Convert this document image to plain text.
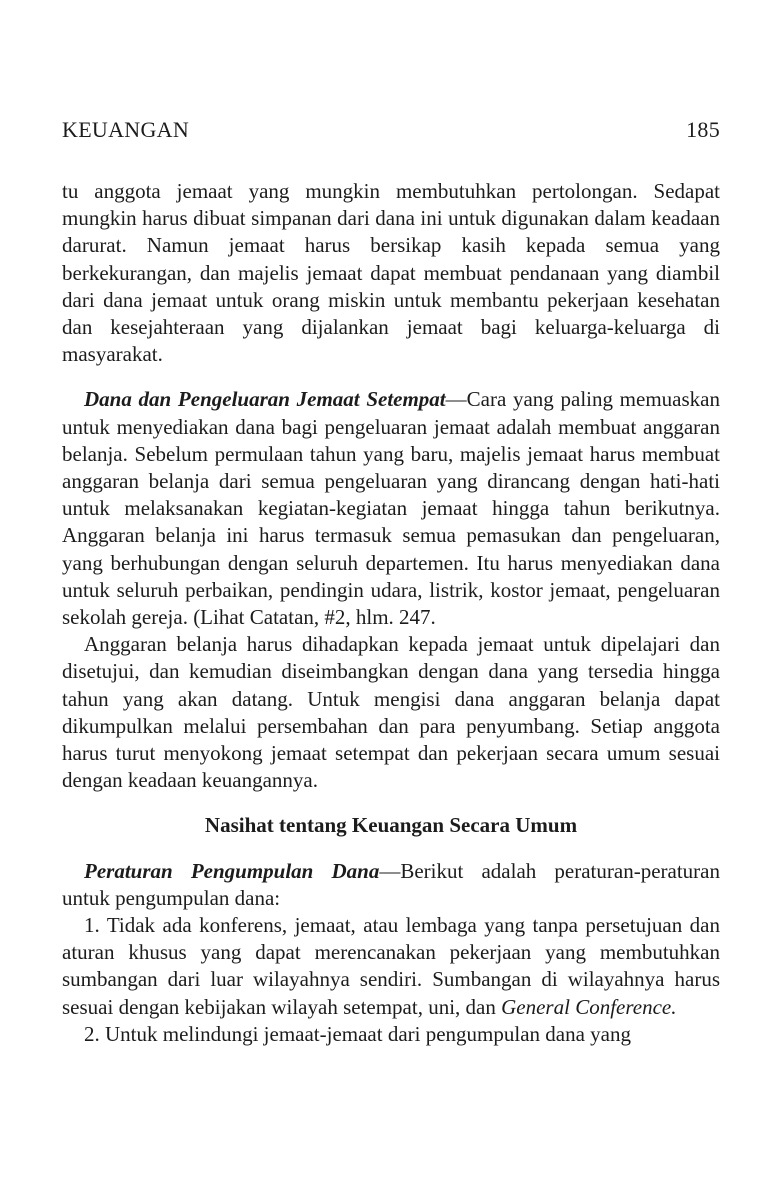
KEUANGAN	185

tu anggota jemaat yang mungkin membutuhkan pertolongan. Sedapat mungkin harus dibuat simpanan dari dana ini untuk digunakan dalam keadaan darurat. Namun jemaat harus bersikap kasih kepada semua yang berkekurangan, dan majelis jemaat dapat membuat pendanaan yang diambil dari dana jemaat untuk orang miskin untuk membantu pekerjaan kesehatan dan kesejahteraan yang dijalankan jemaat bagi keluarga-keluarga di masyarakat.

Dana dan Pengeluaran Jemaat Setempat—Cara yang paling memuaskan untuk menyediakan dana bagi pengeluaran jemaat adalah membuat anggaran belanja. Sebelum permulaan tahun yang baru, majelis jemaat harus membuat anggaran belanja dari semua pengeluaran yang dirancang dengan hati-hati untuk melaksanakan kegiatan-kegiatan jemaat hingga tahun berikutnya. Anggaran belanja ini harus termasuk semua pemasukan dan pengeluaran, yang berhubungan dengan seluruh departemen. Itu harus menyediakan dana untuk seluruh perbaikan, pendingin udara, listrik, kostor jemaat, pengeluaran sekolah gereja. (Lihat Catatan, #2, hlm. 247.

Anggaran belanja harus dihadapkan kepada jemaat untuk dipelajari dan disetujui, dan kemudian diseimbangkan dengan dana yang tersedia hingga tahun yang akan datang. Untuk mengisi dana anggaran belanja dapat dikumpulkan melalui persembahan dan para penyumbang. Setiap anggota harus turut menyokong jemaat setempat dan pekerjaan secara umum sesuai dengan keadaan keuangannya.

Nasihat tentang Keuangan Secara Umum

Peraturan Pengumpulan Dana—Berikut adalah peraturan-peraturan untuk pengumpulan dana:

1. Tidak ada konferens, jemaat, atau lembaga yang tanpa persetujuan dan aturan khusus yang dapat merencanakan pekerjaan yang membutuhkan sumbangan dari luar wilayahnya sendiri. Sumbangan di wilayahnya harus sesuai dengan kebijakan wilayah setempat, uni, dan General Conference.

2. Untuk melindungi jemaat-jemaat dari pengumpulan dana yang
